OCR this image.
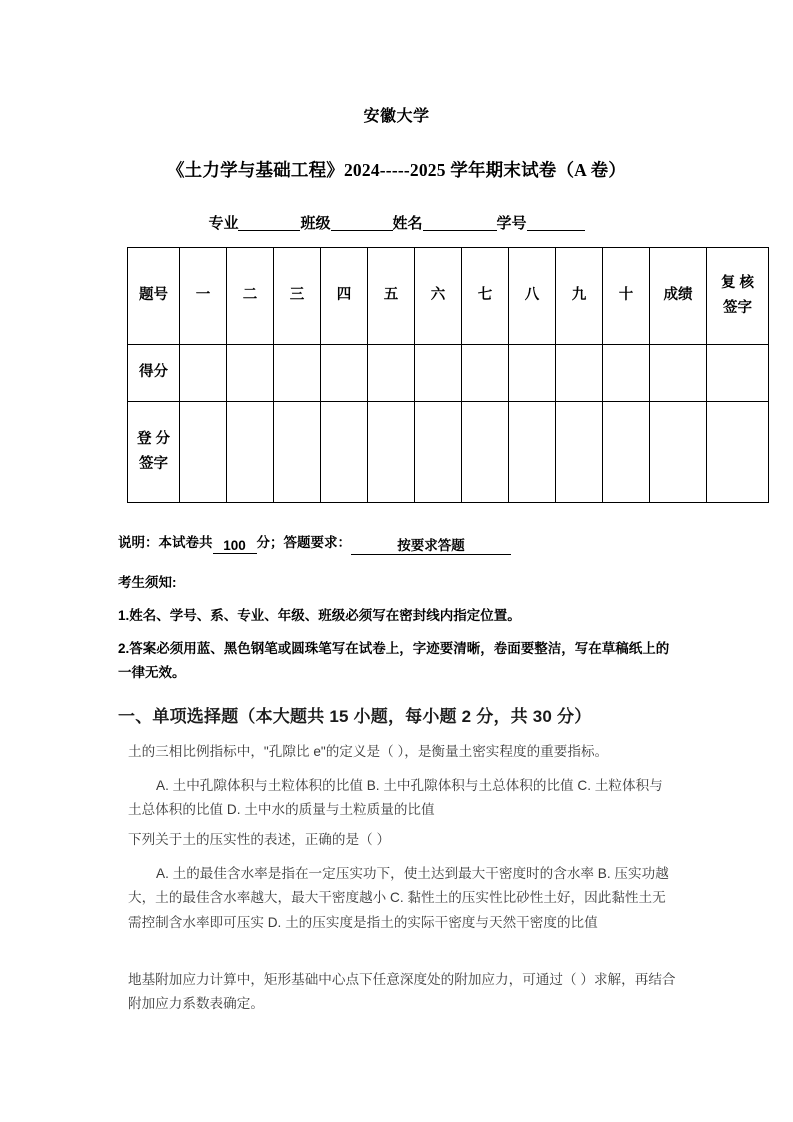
安徽大学
《土力学与基础工程》2024-----2025 学年期末试卷（A 卷）
专业	班级	姓名	学号
题号	一	二	三	四	五	六	七	八	九	十	成绩	复 核
签字

得分												

登 分
签字												

说明：本试卷共 100 分；答题要求：	按要求答题
考生须知:
1.姓名、学号、系、专业、年级、班级必须写在密封线内指定位置。
2.答案必须用蓝、黑色钢笔或圆珠笔写在试卷上，字迹要清晰，卷面要整洁，写在草稿纸上的一律无效。
一、单项选择题（本大题共 15 小题，每小题 2 分，共 30 分）
土的三相比例指标中，"孔隙比 e"的定义是（ ），是衡量土密实程度的重要指标。
A. 土中孔隙体积与土粒体积的比值 B. 土中孔隙体积与土总体积的比值 C. 土粒体积与土总体积的比值 D. 土中水的质量与土粒质量的比值
下列关于土的压实性的表述，正确的是（ ）
A. 土的最佳含水率是指在一定压实功下，使土达到最大干密度时的含水率 B. 压实功越大，土的最佳含水率越大，最大干密度越小 C. 黏性土的压实性比砂性土好，因此黏性土无需控制含水率即可压实 D. 土的压实度是指土的实际干密度与天然干密度的比值
地基附加应力计算中，矩形基础中心点下任意深度处的附加应力，可通过（ ）求解，再结合附加应力系数表确定。
